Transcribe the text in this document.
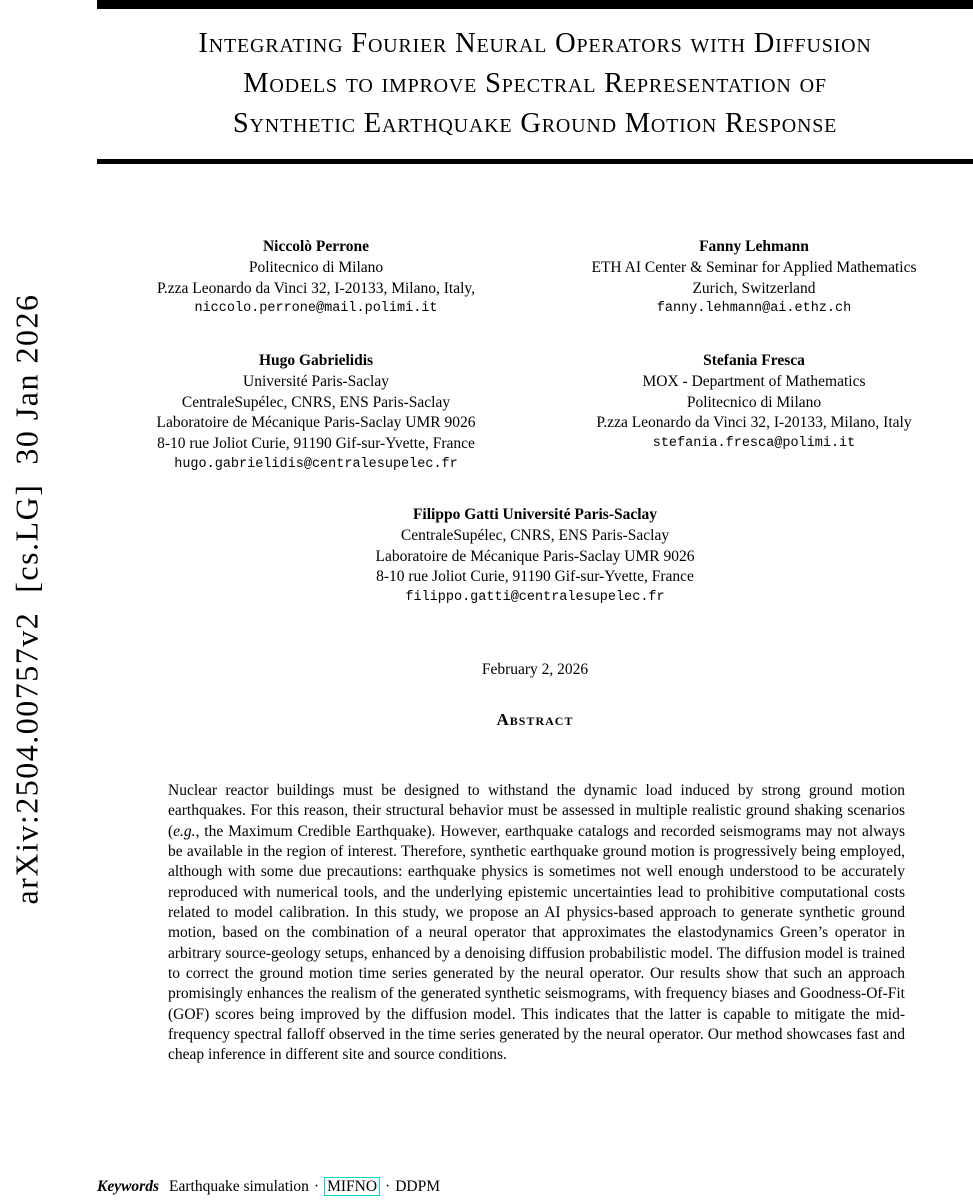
arXiv:2504.00757v2  [cs.LG]  30 Jan 2026
Integrating Fourier Neural Operators with Diffusion
Models to improve Spectral Representation of
Synthetic Earthquake Ground Motion Response
Niccolò Perrone
Politecnico di Milano
P.zza Leonardo da Vinci 32, I-20133, Milano, Italy,
niccolo.perrone@mail.polimi.it
Fanny Lehmann
ETH AI Center & Seminar for Applied Mathematics
Zurich, Switzerland
fanny.lehmann@ai.ethz.ch
Hugo Gabrielidis
Université Paris-Saclay
CentraleSupélec, CNRS, ENS Paris-Saclay
Laboratoire de Mécanique Paris-Saclay UMR 9026
8-10 rue Joliot Curie, 91190 Gif-sur-Yvette, France
hugo.gabrielidis@centralesupelec.fr
Stefania Fresca
MOX - Department of Mathematics
Politecnico di Milano
P.zza Leonardo da Vinci 32, I-20133, Milano, Italy
stefania.fresca@polimi.it
Filippo Gatti Université Paris-Saclay
CentraleSupélec, CNRS, ENS Paris-Saclay
Laboratoire de Mécanique Paris-Saclay UMR 9026
8-10 rue Joliot Curie, 91190 Gif-sur-Yvette, France
filippo.gatti@centralesupelec.fr
February 2, 2026
Abstract

Nuclear reactor buildings must be designed to withstand the dynamic load induced by strong ground motion earthquakes. For this reason, their structural behavior must be assessed in multiple realistic ground shaking scenarios (e.g., the Maximum Credible Earthquake). However, earthquake catalogs and recorded seismograms may not always be available in the region of interest. Therefore, synthetic earthquake ground motion is progressively being employed, although with some due precautions: earthquake physics is sometimes not well enough understood to be accurately reproduced with numerical tools, and the underlying epistemic uncertainties lead to prohibitive computational costs related to model calibration. In this study, we propose an AI physics-based approach to generate synthetic ground motion, based on the combination of a neural operator that approximates the elastodynamics Green’s operator in arbitrary source-geology setups, enhanced by a denoising diffusion probabilistic model. The diffusion model is trained to correct the ground motion time series generated by the neural operator. Our results show that such an approach promisingly enhances the realism of the generated synthetic seismograms, with frequency biases and Goodness-Of-Fit (GOF) scores being improved by the diffusion model. This indicates that the latter is capable to mitigate the mid-frequency spectral falloff observed in the time series generated by the neural operator. Our method showcases fast and cheap inference in different site and source conditions.

Keywords Earthquake simulation · MIFNO · DDPM
